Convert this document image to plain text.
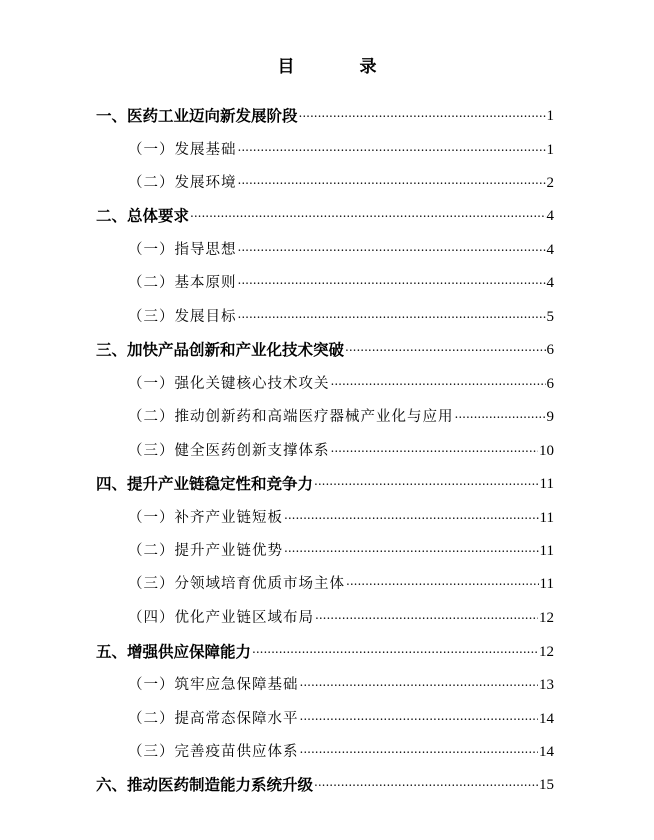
目　录
一、医药工业迈向新发展阶段 .....	1
（一）发展基础 .....	1
（二）发展环境 .....	2
二、总体要求 .....	4
（一）指导思想 .....	4
（二）基本原则 .....	4
（三）发展目标 .....	5
三、加快产品创新和产业化技术突破 .....	6
（一）强化关键核心技术攻关 .....	6
（二）推动创新药和高端医疗器械产业化与应用 .....	9
（三）健全医药创新支撑体系 .....	10
四、提升产业链稳定性和竞争力 .....	11
（一）补齐产业链短板 .....	11
（二）提升产业链优势 .....	11
（三）分领域培育优质市场主体 .....	11
（四）优化产业链区域布局 .....	12
五、增强供应保障能力 .....	12
（一）筑牢应急保障基础 .....	13
（二）提高常态保障水平 .....	14
（三）完善疫苗供应体系 .....	14
六、推动医药制造能力系统升级 .....	15
